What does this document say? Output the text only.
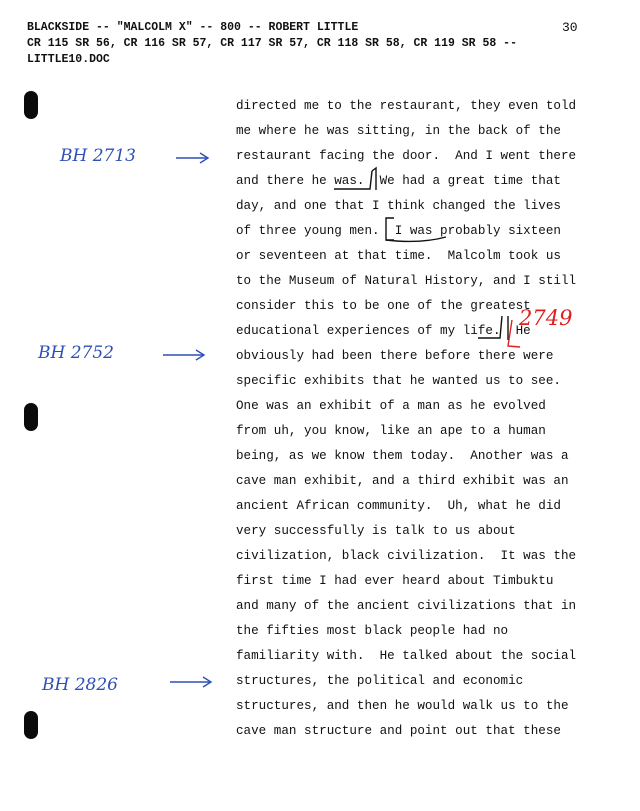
BLACKSIDE -- "MALCOLM X" -- 800 -- ROBERT LITTLE
CR 115 SR 56, CR 116 SR 57, CR 117 SR 57, CR 118 SR 58, CR 119 SR 58 --
LITTLE10.DOC
30
directed me to the restaurant, they even told
me where he was sitting, in the back of the
restaurant facing the door.  And I went there
and there he was.  We had a great time that
day, and one that I think changed the lives
of three young men.  I was probably sixteen
or seventeen at that time.  Malcolm took us
to the Museum of Natural History, and I still
consider this to be one of the greatest
educational experiences of my life.  He
obviously had been there before there were
specific exhibits that he wanted us to see.
One was an exhibit of a man as he evolved
from uh, you know, like an ape to a human
being, as we know them today.  Another was a
cave man exhibit, and a third exhibit was an
ancient African community.  Uh, what he did
very successfully is talk to us about
civilization, black civilization.  It was the
first time I had ever heard about Timbuktu
and many of the ancient civilizations that in
the fifties most black people had no
familiarity with.  He talked about the social
structures, the political and economic
structures, and then he would walk us to the
cave man structure and point out that these
BH 2713
BH 2752
BH 2826
2749
